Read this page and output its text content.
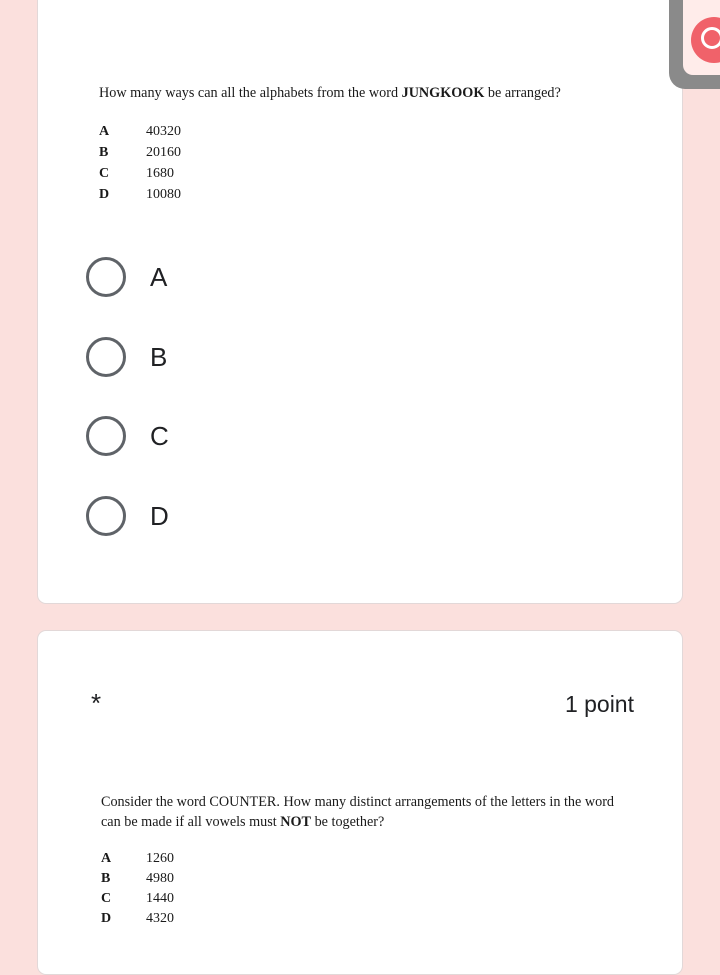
How many ways can all the alphabets from the word JUNGKOOK be arranged?
A	40320
B	20160
C	1680
D	10080
A
B
C
D
*	1 point
Consider the word COUNTER. How many distinct arrangements of the letters in the word can be made if all vowels must NOT be together?
A 1260
B	4980
C 1440
D 4320
